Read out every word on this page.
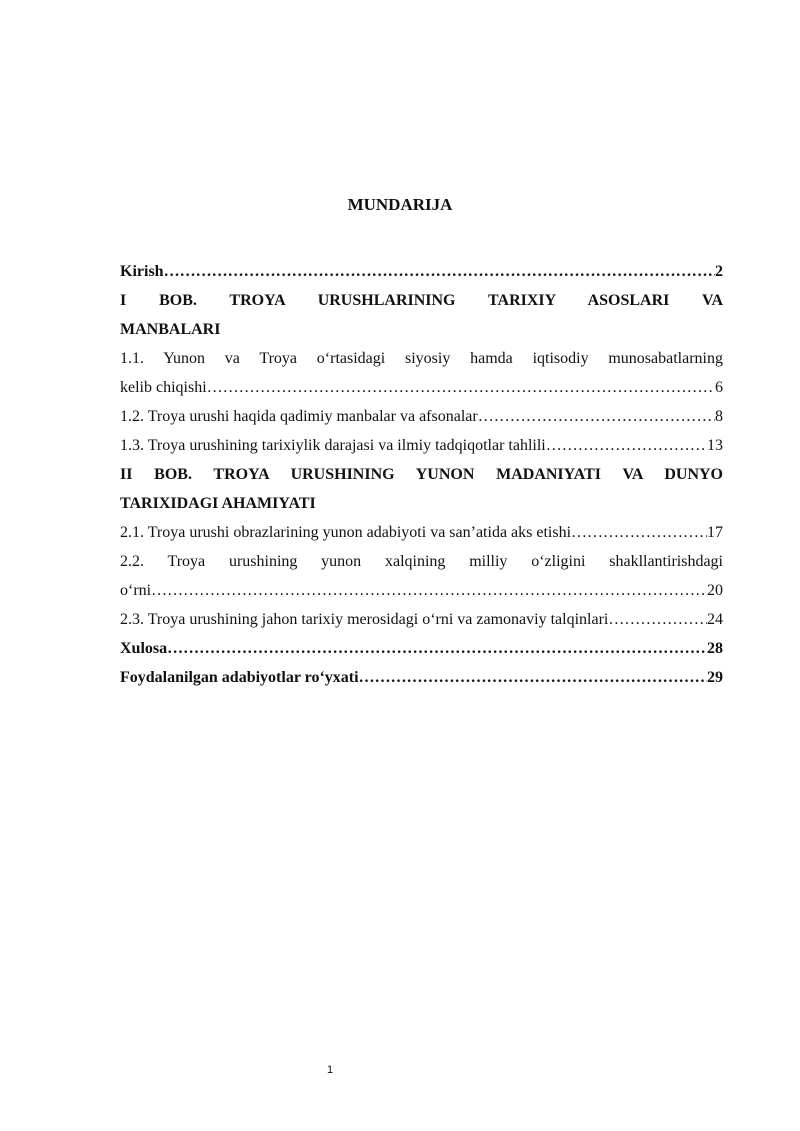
MUNDARIJA
Kirish ………………………………………………………………………………………………………………………………………………………………………………	2
I BOB. TROYA URUSHLARINING TARIXIY ASOSLARI VA
MANBALARI
1.1. Yunon va Troya o‘rtasidagi siyosiy hamda iqtisodiy munosabatlarning
kelib chiqishi ………………………………………………………………………………………………………………………………………………………………………………	6
1.2. Troya urushi haqida qadimiy manbalar va afsonalar ………………………………………………………………………………………………………………………………………………………………………………	8
1.3. Troya urushining tarixiylik darajasi va ilmiy tadqiqotlar tahlili ………………………………………………………………………………………………………………………………………………………………………………	13
II BOB. TROYA URUSHINING YUNON MADANIYATI VA DUNYO
TARIXIDAGI AHAMIYATI
2.1. Troya urushi obrazlarining yunon adabiyoti va san’atida aks etishi ………………………………………………………………………………………………………………………………………………………………………………	17
2.2. Troya urushining yunon xalqining milliy o‘zligini shakllantirishdagi
o‘rni ………………………………………………………………………………………………………………………………………………………………………………	20
2.3. Troya urushining jahon tarixiy merosidagi o‘rni va zamonaviy talqinlari ………………………………………………………………………………………………………………………………………………………………………………	24
Xulosa ………………………………………………………………………………………………………………………………………………………………………………	28
Foydalanilgan adabiyotlar ro‘yxati ………………………………………………………………………………………………………………………………………………………………………………	29
1
